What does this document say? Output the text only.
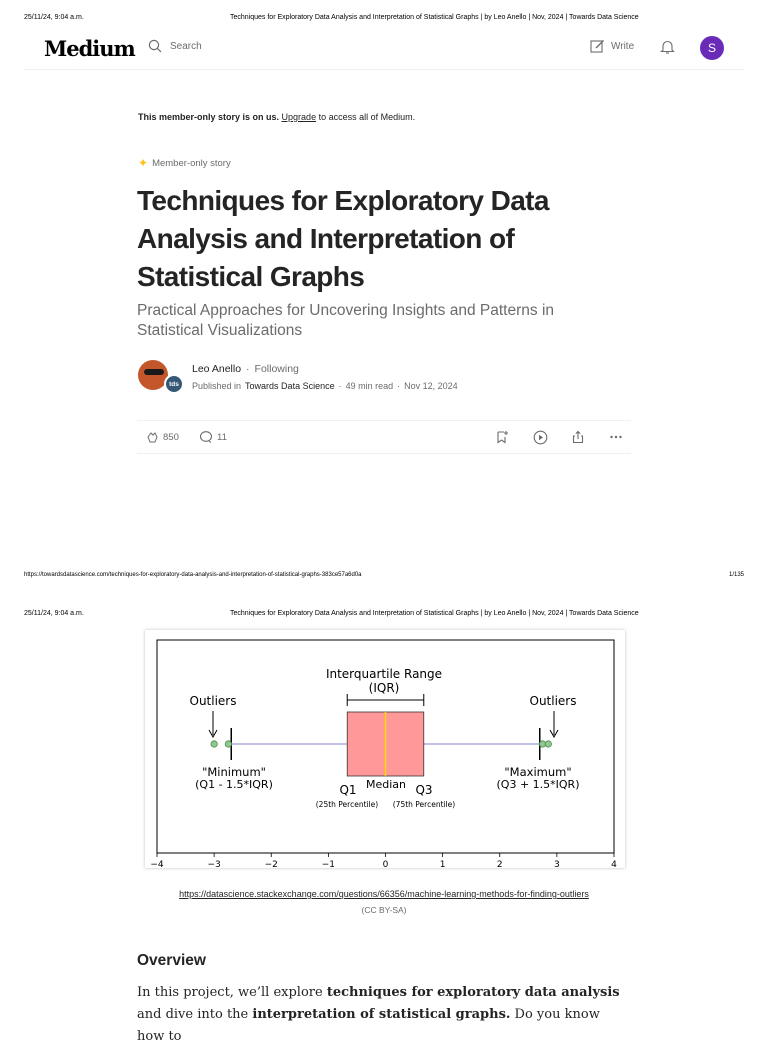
25/11/24, 9:04 a.m.	Techniques for Exploratory Data Analysis and Interpretation of Statistical Graphs | by Leo Anello | Nov, 2024 | Towards Data Science
Medium	Search	Write	S
This member-only story is on us. Upgrade to access all of Medium.
✦ Member-only story
Techniques for Exploratory Data Analysis and Interpretation of Statistical Graphs
Practical Approaches for Uncovering Insights and Patterns in Statistical Visualizations
tds
Leo Anello · Following
Published in Towards Data Science · 49 min read · Nov 12, 2024
850	11
https://towardsdatascience.com/techniques-for-exploratory-data-analysis-and-interpretation-of-statistical-graphs-383ce57a6d0a	1/135
25/11/24, 9:04 a.m.	Techniques for Exploratory Data Analysis and Interpretation of Statistical Graphs | by Leo Anello | Nov, 2024 | Towards Data Science
Interquartile Range
(IQR)
Outliers	Outliers
"Minimum"
(Q1 - 1.5*IQR)
"Maximum"
(Q3 + 1.5*IQR)
Q1 Median Q3
(25th Percentile) (75th Percentile)
−4	−3	−2	−1	0	1	2	3	4
https://datascience.stackexchange.com/questions/66356/machine-learning-methods-for-finding-outliers
(CC BY-SA)
Overview

In this project, we’ll explore techniques for exploratory data analysis and dive into the interpretation of statistical graphs. Do you know how to
